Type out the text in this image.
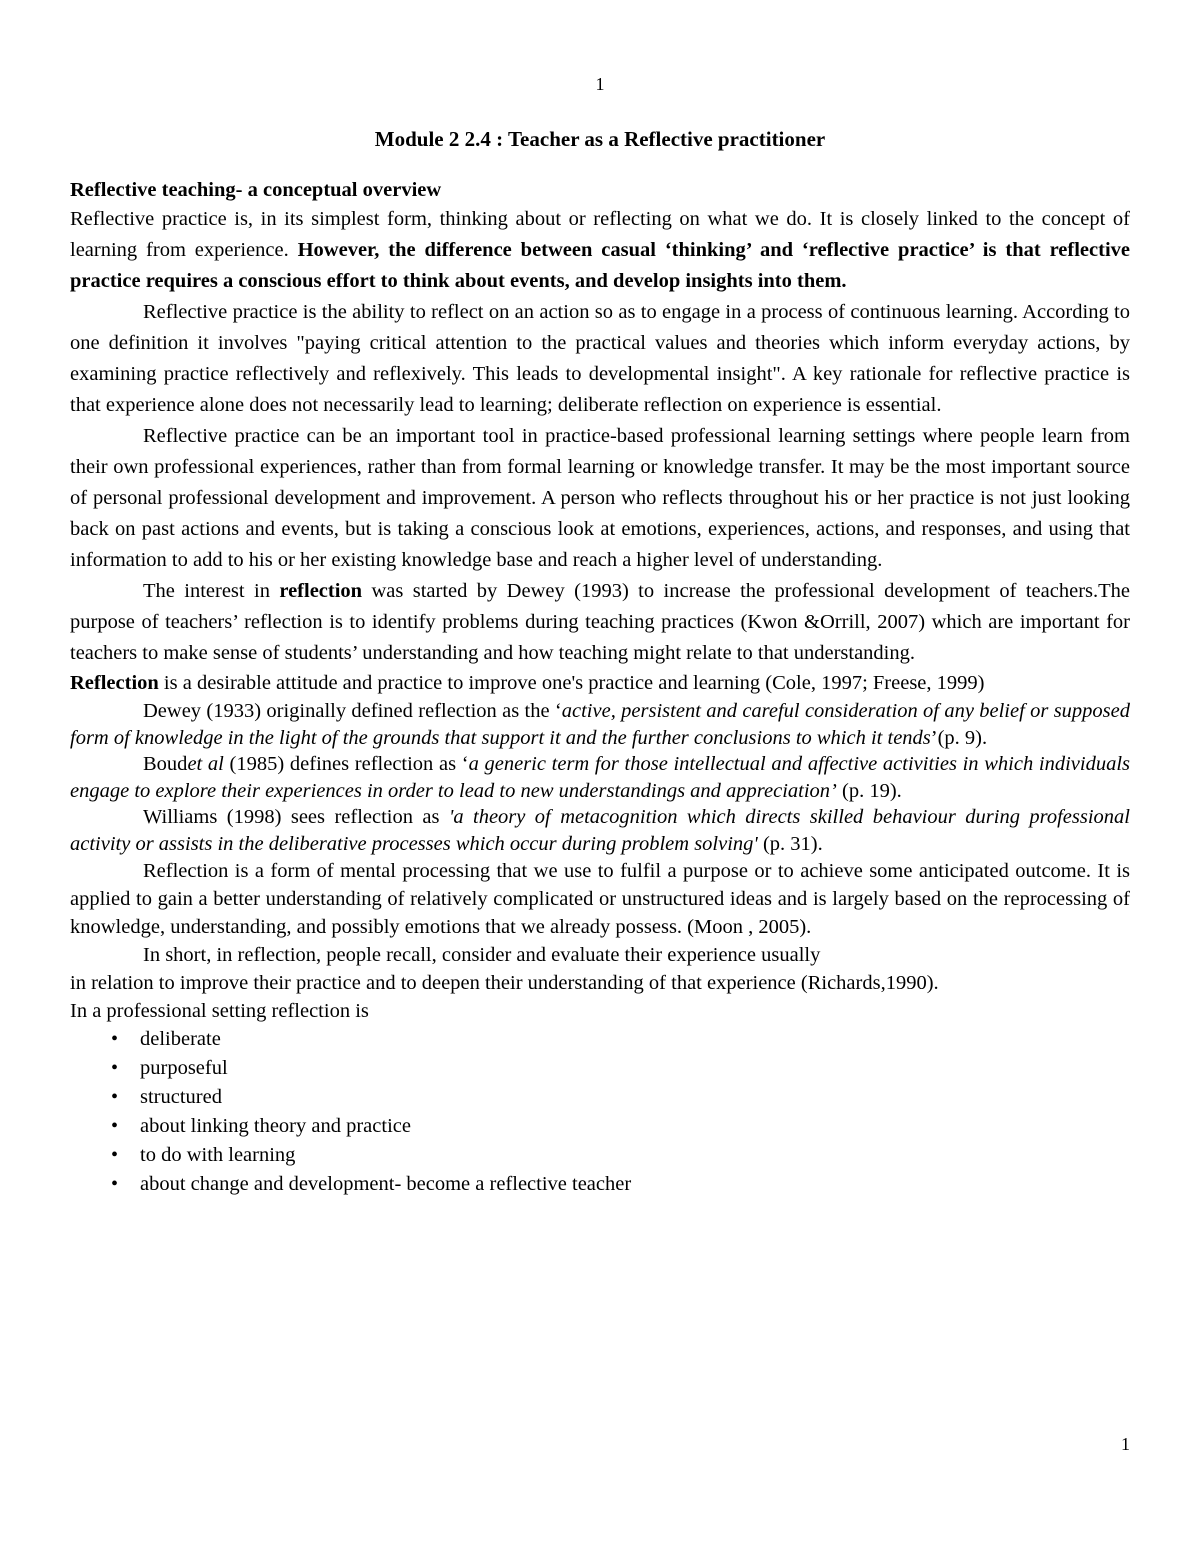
1
Module 2 2.4 : Teacher as a Reflective practitioner

Reflective teaching- a conceptual overview

Reflective practice is, in its simplest form, thinking about or reflecting on what we do. It is closely linked to the concept of learning from experience. However, the difference between casual ‘thinking’ and ‘reflective practice’ is that reflective practice requires a conscious effort to think about events, and develop insights into them.

Reflective practice is the ability to reflect on an action so as to engage in a process of continuous learning. According to one definition it involves "paying critical attention to the practical values and theories which inform everyday actions, by examining practice reflectively and reflexively. This leads to developmental insight". A key rationale for reflective practice is that experience alone does not necessarily lead to learning; deliberate reflection on experience is essential.

Reflective practice can be an important tool in practice-based professional learning settings where people learn from their own professional experiences, rather than from formal learning or knowledge transfer. It may be the most important source of personal professional development and improvement. A person who reflects throughout his or her practice is not just looking back on past actions and events, but is taking a conscious look at emotions, experiences, actions, and responses, and using that information to add to his or her existing knowledge base and reach a higher level of understanding.

The interest in reflection was started by Dewey (1993) to increase the professional development of teachers.The purpose of teachers’ reflection is to identify problems during teaching practices (Kwon &Orrill, 2007) which are important for teachers to make sense of students’ understanding and how teaching might relate to that understanding.

Reflection is a desirable attitude and practice to improve one's practice and learning (Cole, 1997; Freese, 1999)

Dewey (1933) originally defined reflection as the ‘active, persistent and careful consideration of any belief or supposed form of knowledge in the light of the grounds that support it and the further conclusions to which it tends’(p. 9).

Boudet al (1985) defines reflection as ‘a generic term for those intellectual and affective activities in which individuals engage to explore their experiences in order to lead to new understandings and appreciation’ (p. 19).

Williams (1998) sees reflection as 'a theory of metacognition which directs skilled behaviour during professional activity or assists in the deliberative processes which occur during problem solving' (p. 31).

Reflection is a form of mental processing that we use to fulfil a purpose or to achieve some anticipated outcome. It is applied to gain a better understanding of relatively complicated or unstructured ideas and is largely based on the reprocessing of knowledge, understanding, and possibly emotions that we already possess. (Moon , 2005).

In short, in reflection, people recall, consider and evaluate their experience usually
in relation to improve their practice and to deepen their understanding of that experience (Richards,1990).

In a professional setting reflection is

• deliberate
• purposeful
• structured
• about linking theory and practice
• to do with learning
• about change and development- become a reflective teacher
1
